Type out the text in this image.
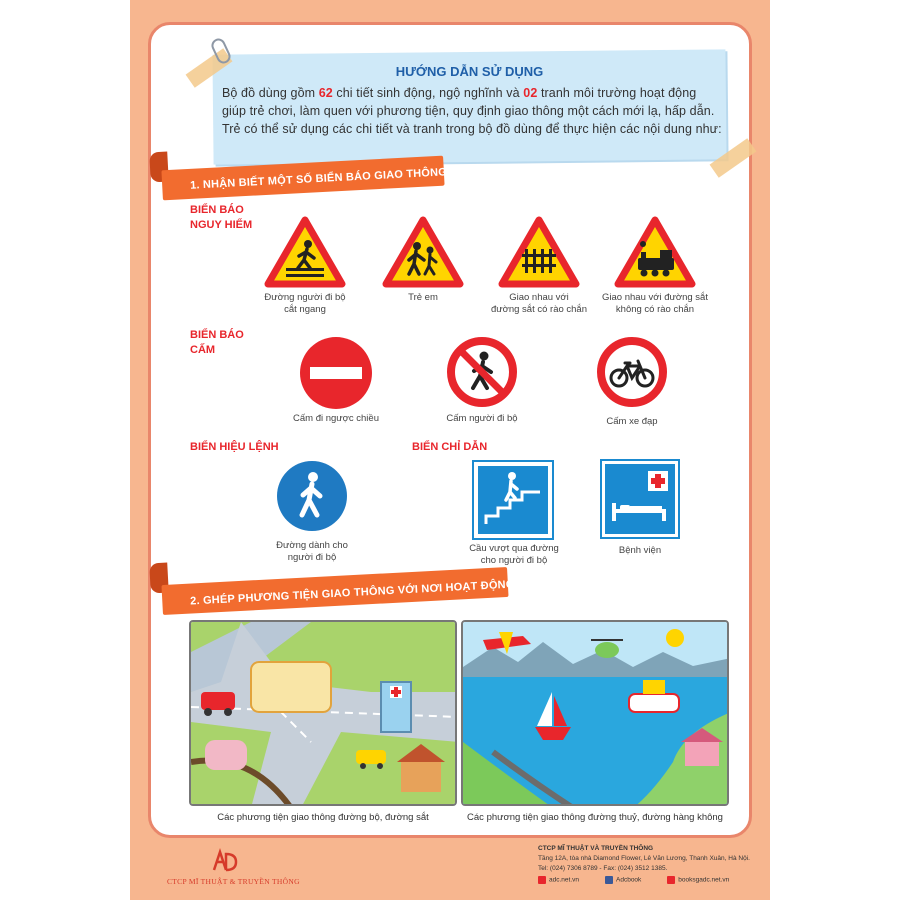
HƯỚNG DẪN SỬ DỤNG
Bộ đồ dùng gồm 62 chi tiết sinh động, ngộ nghĩnh và 02 tranh môi trường hoạt động
giúp trẻ chơi, làm quen với phương tiện, quy định giao thông một cách mới lạ, hấp dẫn.
Trẻ có thể sử dụng các chi tiết và tranh trong bộ đồ dùng để thực hiện các nội dung như:
1. NHẬN BIẾT MỘT SỐ BIỂN BÁO GIAO THÔNG
BIỂN BÁO
NGUY HIỂM
Đường người đi bộ
cắt ngang
Trẻ em	Giao nhau với
đường sắt có rào chắn
Giao nhau với đường sắt
không có rào chắn
BIỂN BÁO
CẤM
Cấm đi ngược chiều	Cấm người đi bộ	Cấm xe đạp
BIỂN HIỆU LỆNH
Đường dành cho
người đi bộ
BIỂN CHỈ DẪN
Cầu vượt qua đường
cho người đi bộ
Bệnh viện
2. GHÉP PHƯƠNG TIỆN GIAO THÔNG VỚI NƠI HOẠT ĐỘNG
Các phương tiện giao thông đường bộ, đường sắt	Các phương tiện giao thông đường thuỷ, đường hàng không
CTCP MĨ THUẬT & TRUYỀN THÔNG
CTCP MĨ THUẬT VÀ TRUYỀN THÔNG
Tầng 12A, tòa nhà Diamond Flower, Lê Văn Lương, Thanh Xuân, Hà Nội.
Tel: (024) 7306 8789 - Fax: (024) 3512 1385.
adc.net.vn	Adcbook	booksgadc.net.vn
